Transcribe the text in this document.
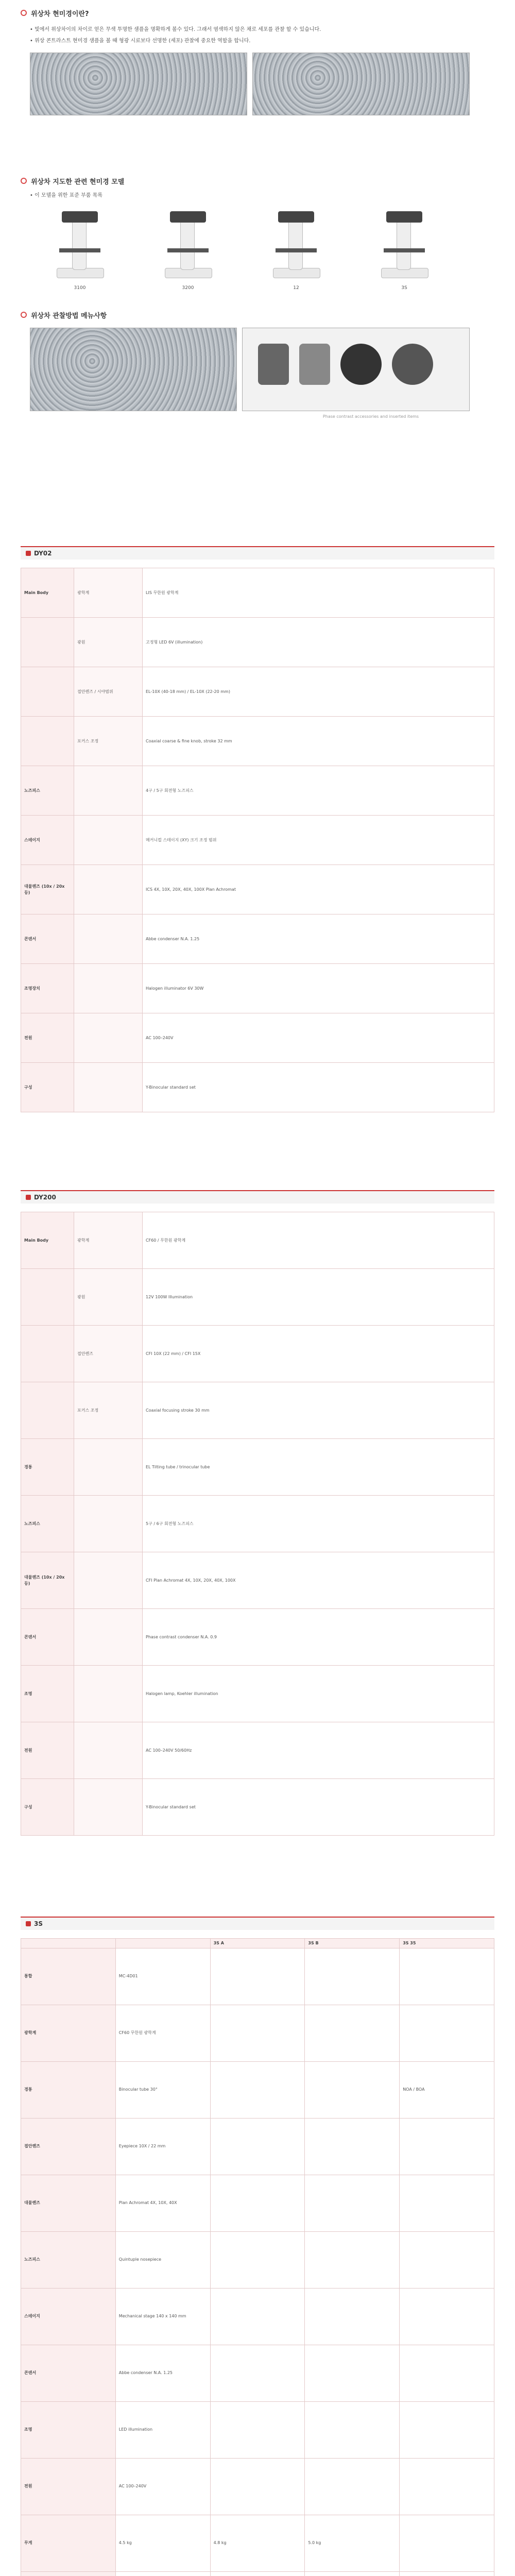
위상차 현미경이란?
• 빛에서 위상차이의 차이로 얻은 무색 투명한 샘플을 명확하게 볼수 있다. 그래서 염색하지 않은 채로 세포를 관찰 할 수 있습니다.
• 위상 콘트라스트 현미경 샘플을 볼 때 형광 시료보다 선명한 (세포) 관찰에 중요한 역할을 합니다.
위상차 지도한 관련 현미경 모델
• 이 모델을 위한 표준 부품 목록
3100	3200	12	3S
위상차 관찰방법 메뉴사항
Phase contrast accessories and inserted items
DY02
Main Body	광학계	LIS 무한원 광학계
	광원	고정형 LED 6V (illumination)
	접안렌즈 / 시야범위	EL-10X (40-18 mm) / EL-10X (22-20 mm)
	포커스 조정	Coaxial coarse & fine knob, stroke 32 mm
노즈피스		4구 / 5구 회전형 노즈피스
스테이지		메커니컬 스테이지 (XY) 크기 조정 범위
대물렌즈 (10x / 20x 등)		ICS 4X, 10X, 20X, 40X, 100X Plan Achromat
콘덴서		Abbe condenser N.A. 1.25
조명장치		Halogen illuminator 6V 30W
전원		AC 100–240V
구성		Y-Binocular standard set
DY200
Main Body	광학계	CF60 / 무한원 광학계
	광원	12V 100W Illumination
	접안렌즈	CFI 10X (22 mm) / CFI 15X
	포커스 조정	Coaxial focusing stroke 30 mm
경통		EL Tilting tube / trinocular tube
노즈피스		5구 / 6구 회전형 노즈피스
대물렌즈 (10x / 20x 등)		CFI Plan Achromat 4X, 10X, 20X, 40X, 100X
콘덴서		Phase contrast condenser N.A. 0.9
조명		Halogen lamp, Koehler illumination
전원		AC 100–240V 50/60Hz
구성		Y-Binocular standard set
3S
		3S A	3S B	3S 35
통합	MC-4D01			
광학계	CF60 무한원 광학계			
경통	Binocular tube 30°			NOA / BOA
접안렌즈	Eyepiece 10X / 22 mm			
대물렌즈	Plan Achromat 4X, 10X, 40X			
노즈피스	Quintuple nosepiece			
스테이지	Mechanical stage 140 x 140 mm			
콘덴서	Abbe condenser N.A. 1.25			
조명	LED illumination			
전원	AC 100–240V			
무게	4.5 kg	4.8 kg	5.0 kg	
